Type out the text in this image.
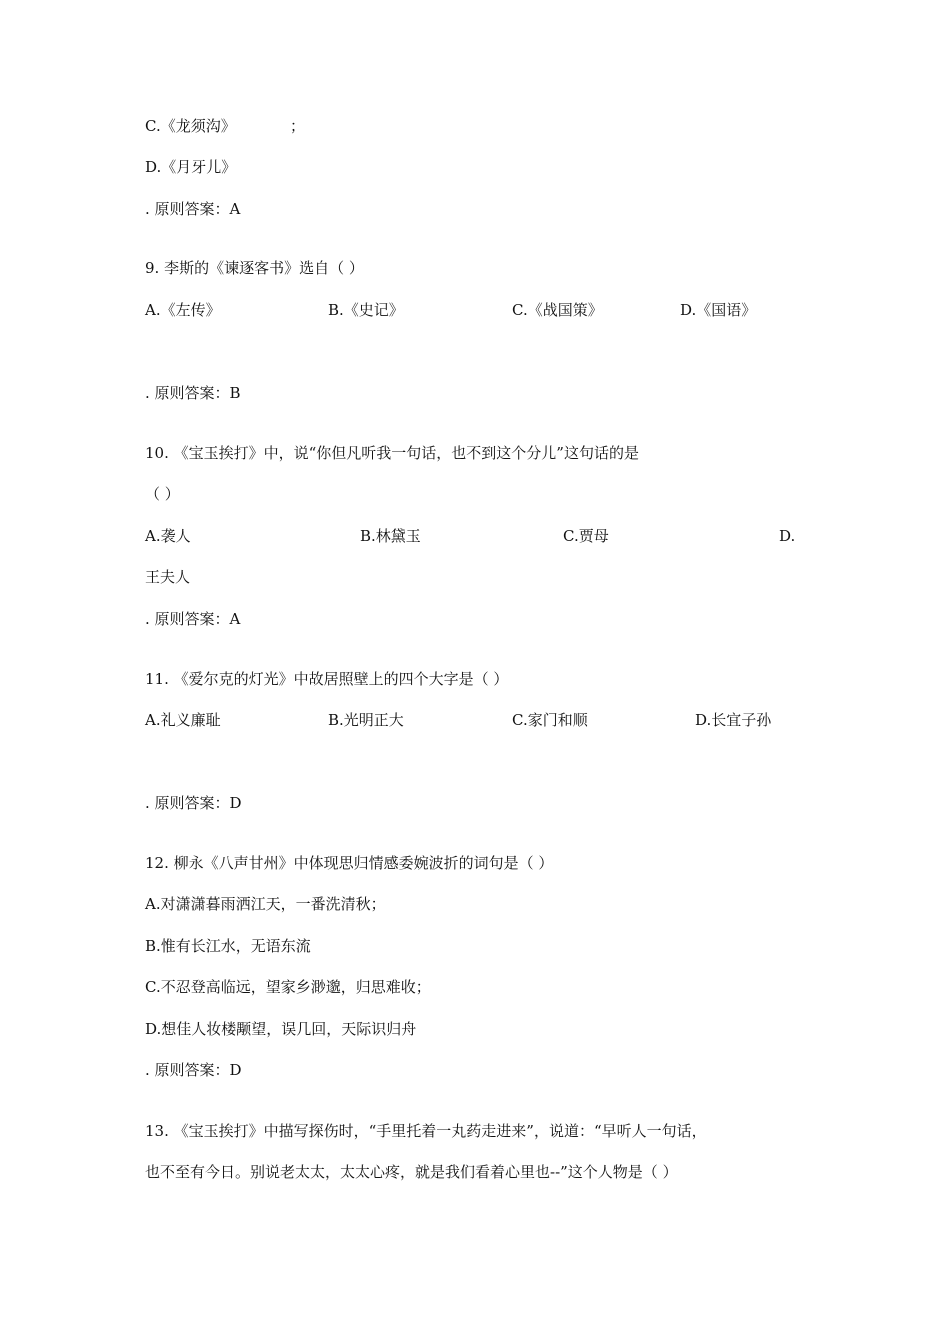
C.《龙须沟》	；
D.《月牙儿》
. 原则答案：A
9. 李斯的《谏逐客书》选自（ ）
A.《左传》	B.《史记》	C.《战国策》	D.《国语》
. 原则答案：B
10. 《宝玉挨打》中，说“你但凡听我一句话，也不到这个分儿”这句话的是
（ ）
A.袭人	B.林黛玉	C.贾母	D.
王夫人
. 原则答案：A
11. 《爱尔克的灯光》中故居照壁上的四个大字是（ ）
A.礼义廉耻	B.光明正大	C.家门和顺	D.长宜子孙
. 原则答案：D
12. 柳永《八声甘州》中体现思归情感委婉波折的词句是（ ）
A.对潇潇暮雨洒江天，一番洗清秋；
B.惟有长江水，无语东流
C.不忍登高临远，望家乡渺邈，归思难收；
D.想佳人妆楼颙望，误几回，天际识归舟
. 原则答案：D
13. 《宝玉挨打》中描写探伤时，“手里托着一丸药走进来”，说道：“早听人一句话，
也不至有今日。别说老太太，太太心疼，就是我们看着心里也--”这个人物是（ ）
